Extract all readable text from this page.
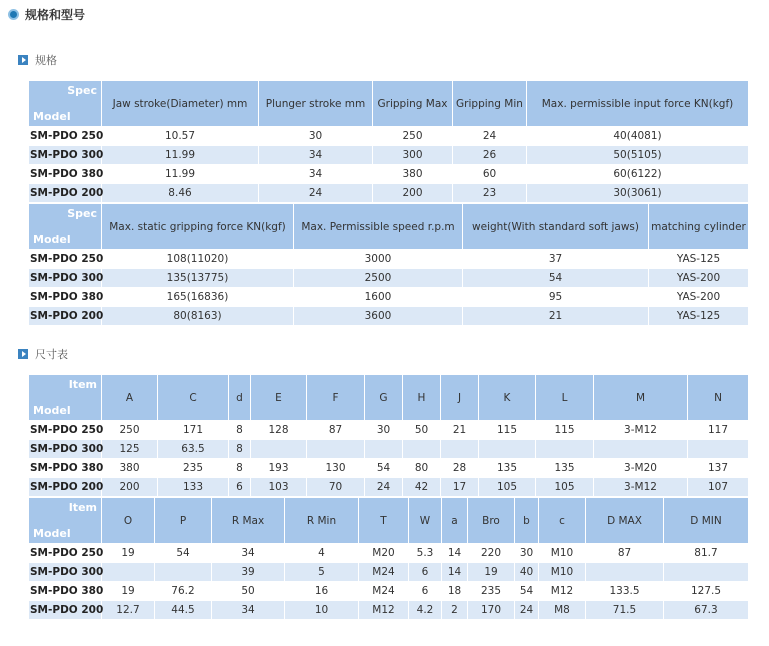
规格和型号
规格
Spec
Model	Jaw stroke(Diameter) mm	Plunger stroke mm	Gripping Max	Gripping Min	Max. permissible input force KN(kgf)
SM-PDO 250	10.57	30	250	24	40(4081)
SM-PDO 300	11.99	34	300	26	50(5105)
SM-PDO 380	11.99	34	380	60	60(6122)
SM-PDO 200	8.46	24	200	23	30(3061)
Spec
Model	Max. static gripping force KN(kgf)	Max. Permissible speed r.p.m	weight(With standard soft jaws)	matching cylinder
SM-PDO 250	108(11020)	3000	37	YAS-125
SM-PDO 300	135(13775)	2500	54	YAS-200
SM-PDO 380	165(16836)	1600	95	YAS-200
SM-PDO 200	80(8163)	3600	21	YAS-125
尺寸表
Item
Model	A	C	d	E	F	G	H	J	K	L	M	N
SM-PDO 250	250	171	8	128	87	30	50	21	115	115	3-M12	117
SM-PDO 300	125	63.5	8									
SM-PDO 380	380	235	8	193	130	54	80	28	135	135	3-M20	137
SM-PDO 200	200	133	6	103	70	24	42	17	105	105	3-M12	107
Item
Model	O	P	R Max	R Min	T	W	a	Bro	b	c	D MAX	D MIN
SM-PDO 250	19	54	34	4	M20	5.3	14	220	30	M10	87	81.7
SM-PDO 300			39	5	M24	6	14	19	40	M10		
SM-PDO 380	19	76.2	50	16	M24	6	18	235	54	M12	133.5	127.5
SM-PDO 200	12.7	44.5	34	10	M12	4.2	2	170	24	M8	71.5	67.3
